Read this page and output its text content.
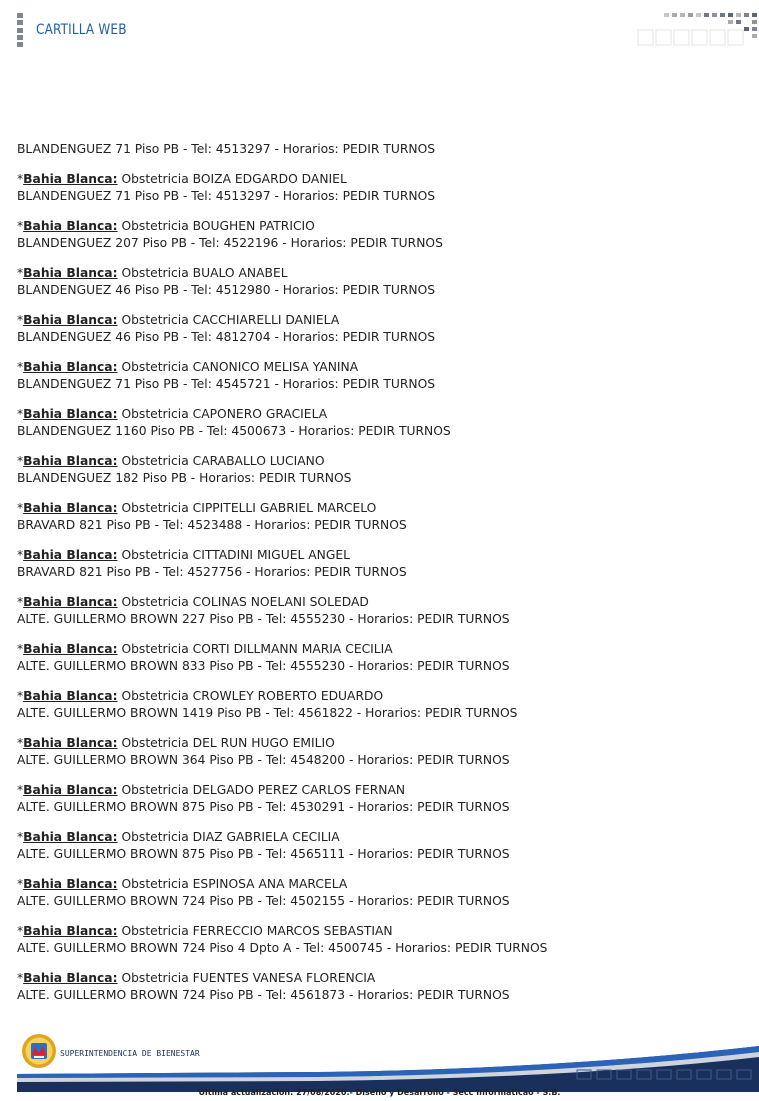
CARTILLA WEB
BLANDENGUEZ 71 Piso PB - Tel: 4513297 - Horarios: PEDIR TURNOS
*Bahia Blanca: Obstetricia BOIZA EDGARDO DANIEL
BLANDENGUEZ 71 Piso PB - Tel: 4513297 - Horarios: PEDIR TURNOS
*Bahia Blanca: Obstetricia BOUGHEN PATRICIO
BLANDENGUEZ 207 Piso PB - Tel: 4522196 - Horarios: PEDIR TURNOS
*Bahia Blanca: Obstetricia BUALO ANABEL
BLANDENGUEZ 46 Piso PB - Tel: 4512980 - Horarios: PEDIR TURNOS
*Bahia Blanca: Obstetricia CACCHIARELLI DANIELA
BLANDENGUEZ 46 Piso PB - Tel: 4812704 - Horarios: PEDIR TURNOS
*Bahia Blanca: Obstetricia CANONICO MELISA YANINA
BLANDENGUEZ 71 Piso PB - Tel: 4545721 - Horarios: PEDIR TURNOS
*Bahia Blanca: Obstetricia CAPONERO GRACIELA
BLANDENGUEZ 1160 Piso PB - Tel: 4500673 - Horarios: PEDIR TURNOS
*Bahia Blanca: Obstetricia CARABALLO LUCIANO
BLANDENGUEZ 182 Piso PB - Horarios: PEDIR TURNOS
*Bahia Blanca: Obstetricia CIPPITELLI GABRIEL MARCELO
BRAVARD 821 Piso PB - Tel: 4523488 - Horarios: PEDIR TURNOS
*Bahia Blanca: Obstetricia CITTADINI MIGUEL ANGEL
BRAVARD 821 Piso PB - Tel: 4527756 - Horarios: PEDIR TURNOS
*Bahia Blanca: Obstetricia COLINAS NOELANI SOLEDAD
ALTE. GUILLERMO BROWN 227 Piso PB - Tel: 4555230 - Horarios: PEDIR TURNOS
*Bahia Blanca: Obstetricia CORTI DILLMANN MARIA CECILIA
ALTE. GUILLERMO BROWN 833 Piso PB - Tel: 4555230 - Horarios: PEDIR TURNOS
*Bahia Blanca: Obstetricia CROWLEY ROBERTO EDUARDO
ALTE. GUILLERMO BROWN 1419 Piso PB - Tel: 4561822 - Horarios: PEDIR TURNOS
*Bahia Blanca: Obstetricia DEL RUN HUGO EMILIO
ALTE. GUILLERMO BROWN 364 Piso PB - Tel: 4548200 - Horarios: PEDIR TURNOS
*Bahia Blanca: Obstetricia DELGADO PEREZ CARLOS FERNAN
ALTE. GUILLERMO BROWN 875 Piso PB - Tel: 4530291 - Horarios: PEDIR TURNOS
*Bahia Blanca: Obstetricia DIAZ GABRIELA CECILIA
ALTE. GUILLERMO BROWN 875 Piso PB - Tel: 4565111 - Horarios: PEDIR TURNOS
*Bahia Blanca: Obstetricia ESPINOSA ANA MARCELA
ALTE. GUILLERMO BROWN 724 Piso PB - Tel: 4502155 - Horarios: PEDIR TURNOS
*Bahia Blanca: Obstetricia FERRECCIO MARCOS SEBASTIAN
ALTE. GUILLERMO BROWN 724 Piso 4 Dpto A - Tel: 4500745 - Horarios: PEDIR TURNOS
*Bahia Blanca: Obstetricia FUENTES VANESA FLORENCIA
ALTE. GUILLERMO BROWN 724 Piso PB - Tel: 4561873 - Horarios: PEDIR TURNOS
SUPERINTENDENCIA DE BIENESTAR
Última actualización: 27/08/2020.- Diseño y Desarrollo - Secc Informáticao - S.B.
